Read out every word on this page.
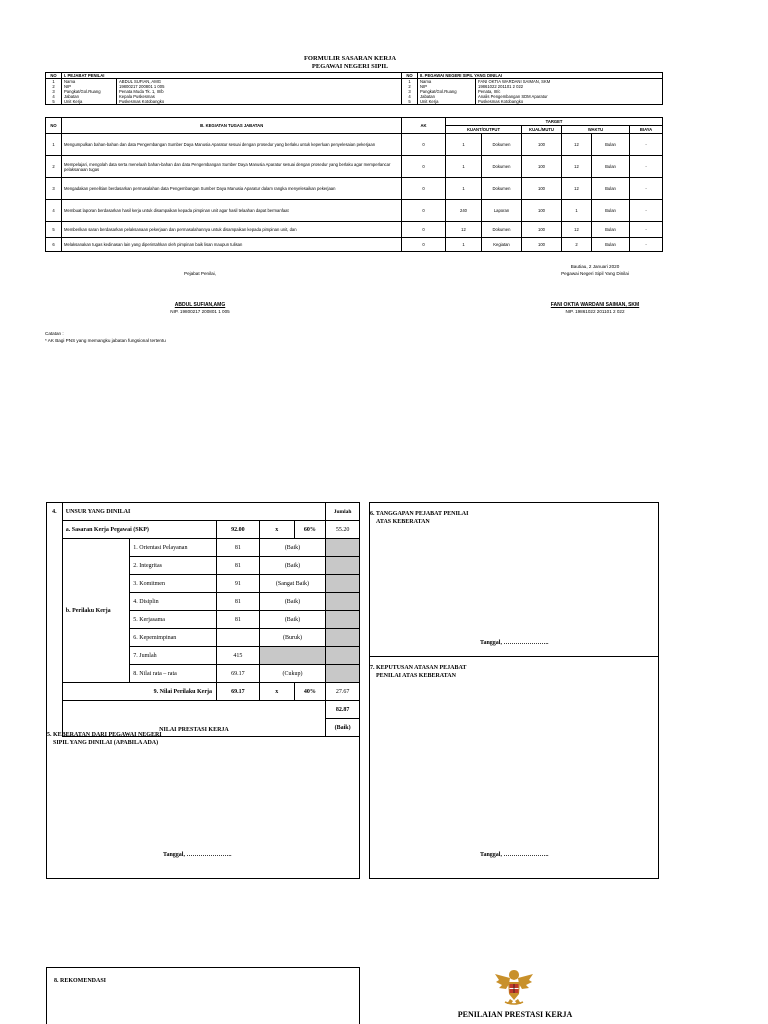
FORMULIR SASARAN KERJA
PEGAWAI NEGERI SIPIL
NO	I. PEJABAT PENILAI		NO	II. PEGAWAI NEGERI SIPIL YANG DINILAI	
1	Nama	ABDUL SUFIAN, AMG	1	Nama	FANI OKTIA WARDANI SAIMAN, SKM
2	NIP	19800217 200801 1 005	2	NIP	19861022 201101 2 022
3	Pangkat/Gol.Ruang	Penata Muda Tk. 1, III/b	3	Pangkat/Gol.Ruang	Penata, III/c
4	Jabatan	Kepala Puskesmas	4	Jabatan	Analis Pengembangan SDM Aparatur
5	Unit Kerja	Puskesmas Kotobangko	5	Unit Kerja	Puskesmas Kotobangko
NO	III. KEGIATAN TUGAS JABATAN	AK	TARGET					
			KUANT/OUTPUT		KUAL/MUTU	WAKTU		BIAYA
1	Mengumpulkan bahan-bahan dan data Pengembangan Sumber Daya Manusia Aparatur sesuai dengan prosedur yang berlaku untuk keperluan penyelesaian pekerjaan	0	1	Dokumen	100	12	Bulan	-
2	Mempelajari, mengolah data serta menelaah bahan-bahan dan data Pengembangan Sumber Daya Manusia Aparatur sesuai dengan prosedur yang berlaku agar memperlancar pelaksanaan tugas	0	1	Dokumen	100	12	Bulan	-
3	Mengadakan penelitian berdasarkan permasalahan data Pengembangan Sumber Daya Manusia Aparatur dalam rangka menyelesaikan pekerjaan	0	1	Dokumen	100	12	Bulan	-
4	Membuat laporan berdasarkan hasil kerja untuk disampaikan kepada pimpinan unit agar hasil telaahan dapat bermanfaat	0	240	Laporan	100	1	Bulan	-
5	Memberikan saran berdasarkan pelaksanaan pekerjaan dan permasalahannya untuk disampaikan kepada pimpinan unit, dan	0	12	Dokumen	100	12	Bulan	-
6	Melaksanakan tugas kedinasan lain yang diperintahkan oleh pimpinan baik lisan maupun tulisan	0	1	Kegiatan	100	2	Bulan	-
Bautiau, 2 Januari 2020
Pejabat Penilai,	Pegawai Negeri Sipil Yang Dinilai
ABDUL SUFIAN,AMG
NIP. 19800217 200801 1 005
FANI OKTIA WARDANI SAIMAN, SKM
NIP. 19861022 201101 2 022
Catatan :
* AK Bagi PNS yang memangku jabatan fungsional tertentu
4.	UNSUR YANG DINILAI					Jumlah
	a. Sasaran Kerja Pegawai (SKP)		92.00	x	60%	55.20
	b. Perilaku Kerja	1. Orientasi Pelayanan	81	(Baik)		
		2. Integritas	81	(Baik)		
		3. Komitmen	91	(Sangat Baik)		
		4. Disiplin	81	(Baik)		
		5. Kerjasama	81	(Baik)		
		6. Kepemimpinan		(Buruk)		
		7. Jumlah	415			
		8. Nilai rata – rata	69.17	(Cukup)		
	9. Nilai Perilaku Kerja		69.17	x	40%	27.67
	NILAI PRESTASI KERJA					82.87
						(Baik)
5. KEBERATAN DARI PEGAWAI NEGERI
SIPIL YANG DINILAI (APABILA ADA)
Tanggal, …………………..
6. TANGGAPAN PEJABAT PENILAI
ATAS KEBERATAN
Tanggal, …………………..
7. KEPUTUSAN ATASAN PEJABAT
PENILAI ATAS KEBERATAN
Tanggal, …………………..
8. REKOMENDASI
PENILAIAN PRESTASI KERJA
